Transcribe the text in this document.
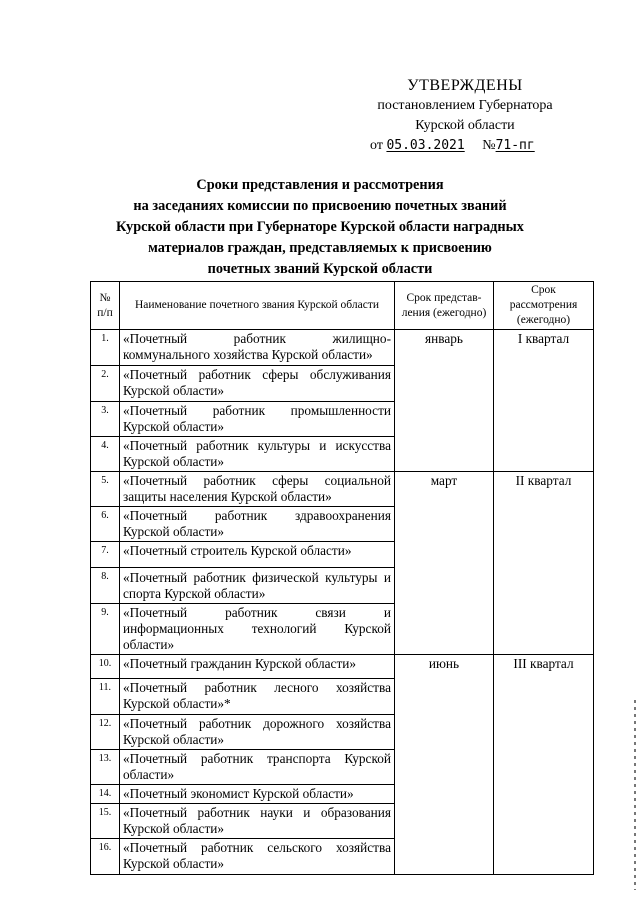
УТВЕРЖДЕНЫ
постановлением Губернатора
Курской области
от 05.03.2021 №71-пг
Сроки представления и рассмотрения
на заседаниях комиссии по присвоению почетных званий
Курской области при Губернаторе Курской области наградных
материалов граждан, представляемых к присвоению
почетных званий Курской области
№ п/п	Наименование почетного звания Курской области	Срок представ-ления (ежегодно)	Срок рассмотрения (ежегодно)
1.	«Почетный работник жилищно-коммунального хозяйства Курской области»	январь	I квартал
2.	«Почетный работник сферы обслуживания Курской области»		
3.	«Почетный работник промышленности Курской области»		
4.	«Почетный работник культуры и искусства Курской области»		
5.	«Почетный работник сферы социальной защиты населения Курской области»	март	II квартал
6.	«Почетный работник здравоохранения Курской области»		
7.	«Почетный строитель Курской области»		
8.	«Почетный работник физической культуры и спорта Курской области»		
9.	«Почетный работник связи и информационных технологий Курской области»		
10.	«Почетный гражданин Курской области»	июнь	III квартал
11.	«Почетный работник лесного хозяйства Курской области»*		
12.	«Почетный работник дорожного хозяйства Курской области»		
13.	«Почетный работник транспорта Курской области»		
14.	«Почетный экономист Курской области»		
15.	«Почетный работник науки и образования Курской области»		
16.	«Почетный работник сельского хозяйства Курской области»		
